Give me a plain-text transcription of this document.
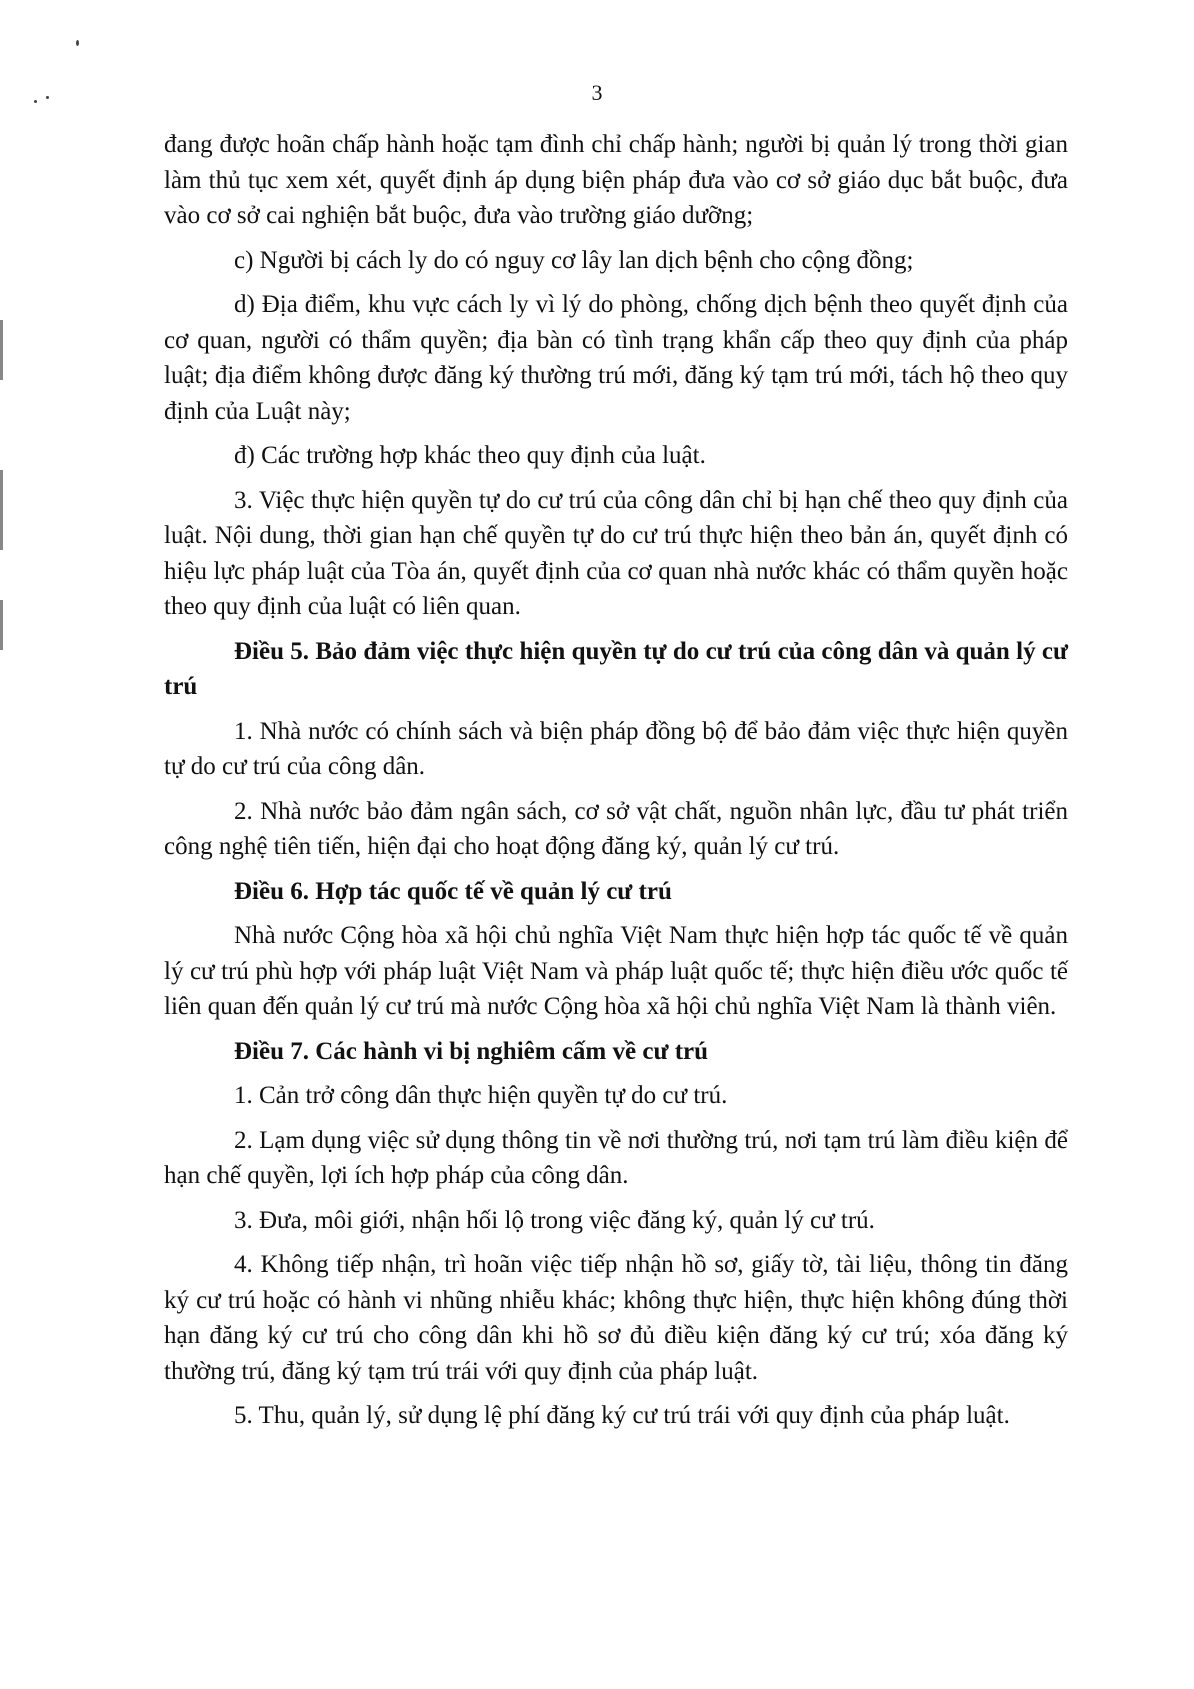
3

đang được hoãn chấp hành hoặc tạm đình chỉ chấp hành; người bị quản lý trong thời gian làm thủ tục xem xét, quyết định áp dụng biện pháp đưa vào cơ sở giáo dục bắt buộc, đưa vào cơ sở cai nghiện bắt buộc, đưa vào trường giáo dưỡng;

c) Người bị cách ly do có nguy cơ lây lan dịch bệnh cho cộng đồng;

d) Địa điểm, khu vực cách ly vì lý do phòng, chống dịch bệnh theo quyết định của cơ quan, người có thẩm quyền; địa bàn có tình trạng khẩn cấp theo quy định của pháp luật; địa điểm không được đăng ký thường trú mới, đăng ký tạm trú mới, tách hộ theo quy định của Luật này;

đ) Các trường hợp khác theo quy định của luật.

3. Việc thực hiện quyền tự do cư trú của công dân chỉ bị hạn chế theo quy định của luật. Nội dung, thời gian hạn chế quyền tự do cư trú thực hiện theo bản án, quyết định có hiệu lực pháp luật của Tòa án, quyết định của cơ quan nhà nước khác có thẩm quyền hoặc theo quy định của luật có liên quan.

Điều 5. Bảo đảm việc thực hiện quyền tự do cư trú của công dân và quản lý cư trú

1. Nhà nước có chính sách và biện pháp đồng bộ để bảo đảm việc thực hiện quyền tự do cư trú của công dân.

2. Nhà nước bảo đảm ngân sách, cơ sở vật chất, nguồn nhân lực, đầu tư phát triển công nghệ tiên tiến, hiện đại cho hoạt động đăng ký, quản lý cư trú.

Điều 6. Hợp tác quốc tế về quản lý cư trú

Nhà nước Cộng hòa xã hội chủ nghĩa Việt Nam thực hiện hợp tác quốc tế về quản lý cư trú phù hợp với pháp luật Việt Nam và pháp luật quốc tế; thực hiện điều ước quốc tế liên quan đến quản lý cư trú mà nước Cộng hòa xã hội chủ nghĩa Việt Nam là thành viên.

Điều 7. Các hành vi bị nghiêm cấm về cư trú

1. Cản trở công dân thực hiện quyền tự do cư trú.

2. Lạm dụng việc sử dụng thông tin về nơi thường trú, nơi tạm trú làm điều kiện để hạn chế quyền, lợi ích hợp pháp của công dân.

3. Đưa, môi giới, nhận hối lộ trong việc đăng ký, quản lý cư trú.

4. Không tiếp nhận, trì hoãn việc tiếp nhận hồ sơ, giấy tờ, tài liệu, thông tin đăng ký cư trú hoặc có hành vi nhũng nhiễu khác; không thực hiện, thực hiện không đúng thời hạn đăng ký cư trú cho công dân khi hồ sơ đủ điều kiện đăng ký cư trú; xóa đăng ký thường trú, đăng ký tạm trú trái với quy định của pháp luật.

5. Thu, quản lý, sử dụng lệ phí đăng ký cư trú trái với quy định của pháp luật.
